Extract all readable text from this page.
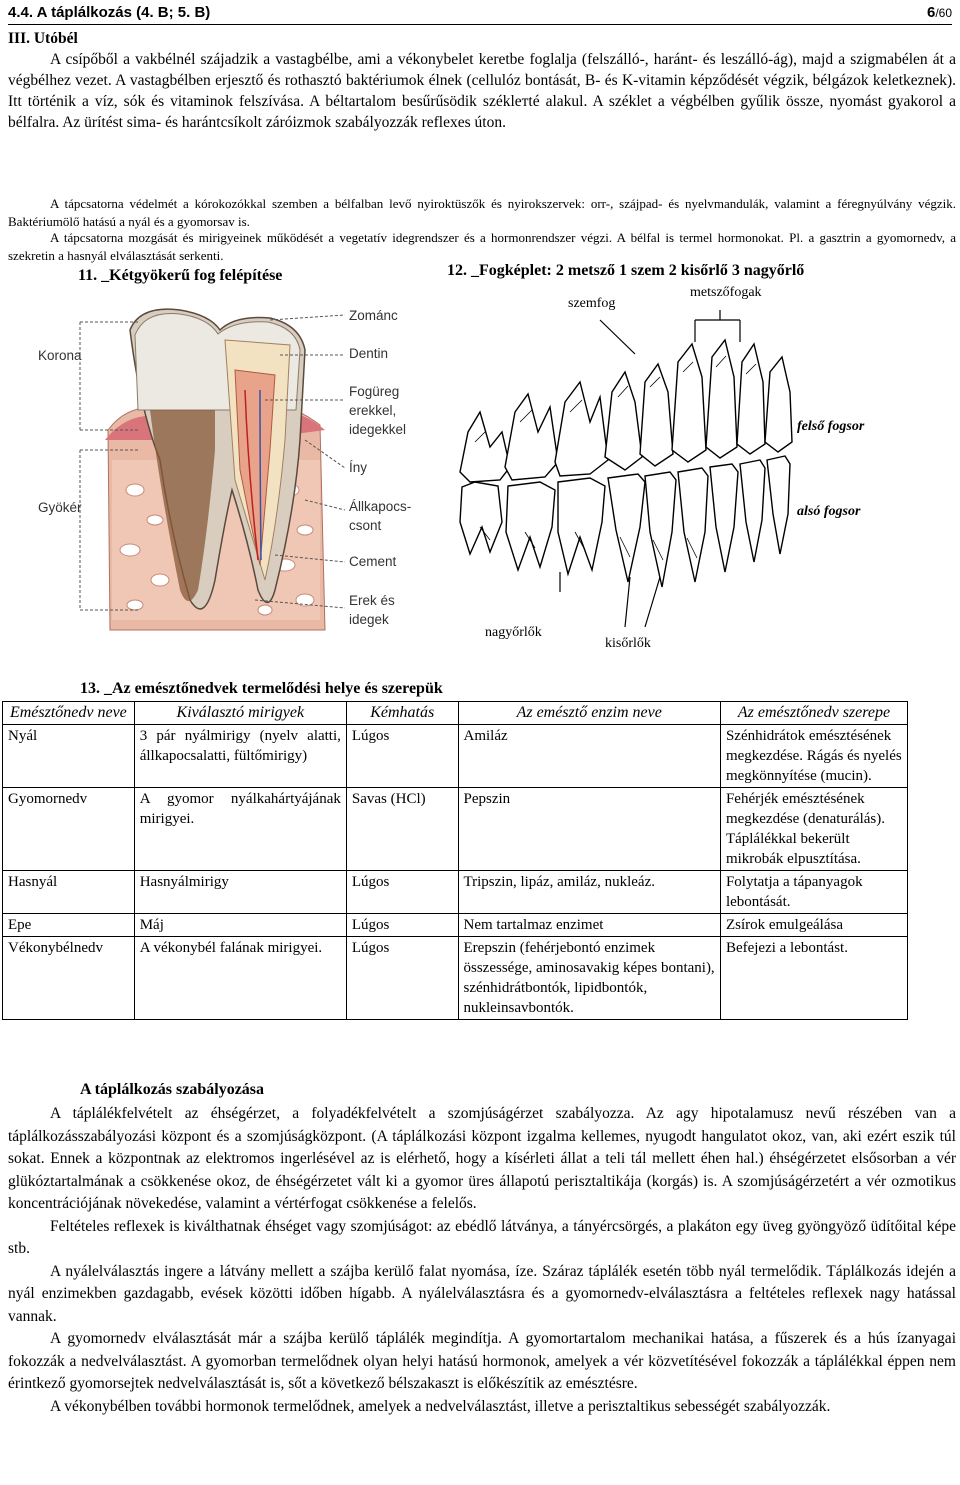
4.4. A táplálkozás (4. B; 5. B)	6/60
III. Utóbél
A csípőből a vakbélnél szájadzik a vastagbélbe, ami a vékonybelet keretbe foglalja (felszálló-, haránt- és leszálló-ág), majd a szigmabélen át a végbélhez vezet. A vastagbélben erjesztő és rothasztó baktériumok élnek (cellulóz bontását, B- és K-vitamin képződését végzik, bélgázok keletkeznek). Itt történik a víz, sók és vitaminok felszívása. A béltartalom besűrűsödik széklетté alakul. A széklet a végbélben gyűlik össze, nyomást gyakorol a bélfalra. Az ürítést sima- és harántcsíkolt záróizmok szabályozzák reflexes úton.
A tápcsatorna védelmét a kórokozókkal szemben a bélfalban levő nyiroktüszők és nyirokszervek: orr-, szájpad- és nyelvmandulák, valamint a féregnyúlvány végzik. Baktériumölő hatású a nyál és a gyomorsav is.
A tápcsatorna mozgását és mirigyeinek működését a vegetatív idegrendszer és a hormonrendszer végzi. A bélfal is termel hormonokat. Pl. a gasztrin a gyomornedv, a szekretin a hasnyál elválasztását serkenti.
11. _Kétgyökerű fog felépítése
Korona
Gyökér
Zománc
Dentin
Fogüreg
erekkel,
idegekkel
Íny
Állkapocs-
csont
Cement
Erek és
idegek
12. _Fogképlet: 2 metsző 1 szem 2 kisőrlő 3 nagyőrlő
szemfog
metszőfogak
felső fogsor
alsó fogsor
nagyőrlők
kisőrlők
13. _Az emésztőnedvek termelődési helye és szerepük
Emésztőnedv neve	Kiválasztó mirigyek	Kémhatás	Az emésztő enzim neve	Az emésztőnedv szerepe
Nyál	3 pár nyálmirigy (nyelv alatti, állkapocsalatti, fültőmirigy)	Lúgos	Amiláz	Szénhidrátok emésztésének megkezdése. Rágás és nyelés megkönnyítése (mucin).
Gyomornedv	A gyomor nyálkahártyájának mirigyei.	Savas (HCl)	Pepszin	Fehérjék emésztésének megkezdése (denaturálás). Táplálékkal bekerült mikrobák elpusztítása.
Hasnyál	Hasnyálmirigy	Lúgos	Tripszin, lipáz, amiláz, nukleáz.	Folytatja a tápanyagok lebontását.
Epe	Máj	Lúgos	Nem tartalmaz enzimet	Zsírok emulgeálása
Vékonybélnedv	A vékonybél falának mirigyei.	Lúgos	Erepszin (fehérjebontó enzimek összessége, aminosavakig képes bontani), szénhidrátbontók, lipidbontók, nukleinsavbontók.	Befejezi a lebontást.
A táplálkozás szabályozása
A táplálékfelvételt az éhségérzet, a folyadékfelvételt a szomjúságérzet szabályozza. Az agy hipotalamusz nevű részében van a táplálkozásszabályozási központ és a szomjúságközpont. (A táplálkozási központ izgalma kellemes, nyugodt hangulatot okoz, van, aki ezért eszik túl sokat. Ennek a központnak az elektromos ingerlésével az is elérhető, hogy a kísérleti állat a teli tál mellett éhen hal.) éhségérzetet elsősorban a vér glükóztartalmának a csökkenése okoz, de éhségérzetet vált ki a gyomor üres állapotú perisztaltikája (korgás) is. A szomjúságérzetért a vér ozmotikus koncentrációjának növekedése, valamint a vértérfogat csökkenése a felelős.
Feltételes reflexek is kiválthatnak éhséget vagy szomjúságot: az ebédlő látványa, a tányércsörgés, a plakáton egy üveg gyöngyöző üdítőital képe stb.
A nyálelválasztás ingere a látvány mellett a szájba kerülő falat nyomása, íze. Száraz táplálék esetén több nyál termelődik. Táplálkozás idején a nyál enzimekben gazdagabb, evések közötti időben hígabb. A nyálelválasztásra és a gyomornedv-elválasztásra a feltételes reflexek nagy hatással vannak.
A gyomornedv elválasztását már a szájba kerülő táplálék megindítja. A gyomortartalom mechanikai hatása, a fűszerek és a hús ízanyagai fokozzák a nedvelválasztást. A gyomorban termelődnek olyan helyi hatású hormonok, amelyek a vér közvetítésével fokozzák a táplálékkal éppen nem érintkező gyomorsejtek nedvelválasztását is, sőt a következő bélszakaszt is előkészítik az emésztésre.
A vékonybélben további hormonok termelődnek, amelyek a nedvelválasztást, illetve a perisztaltikus sebességét szabályozzák.
